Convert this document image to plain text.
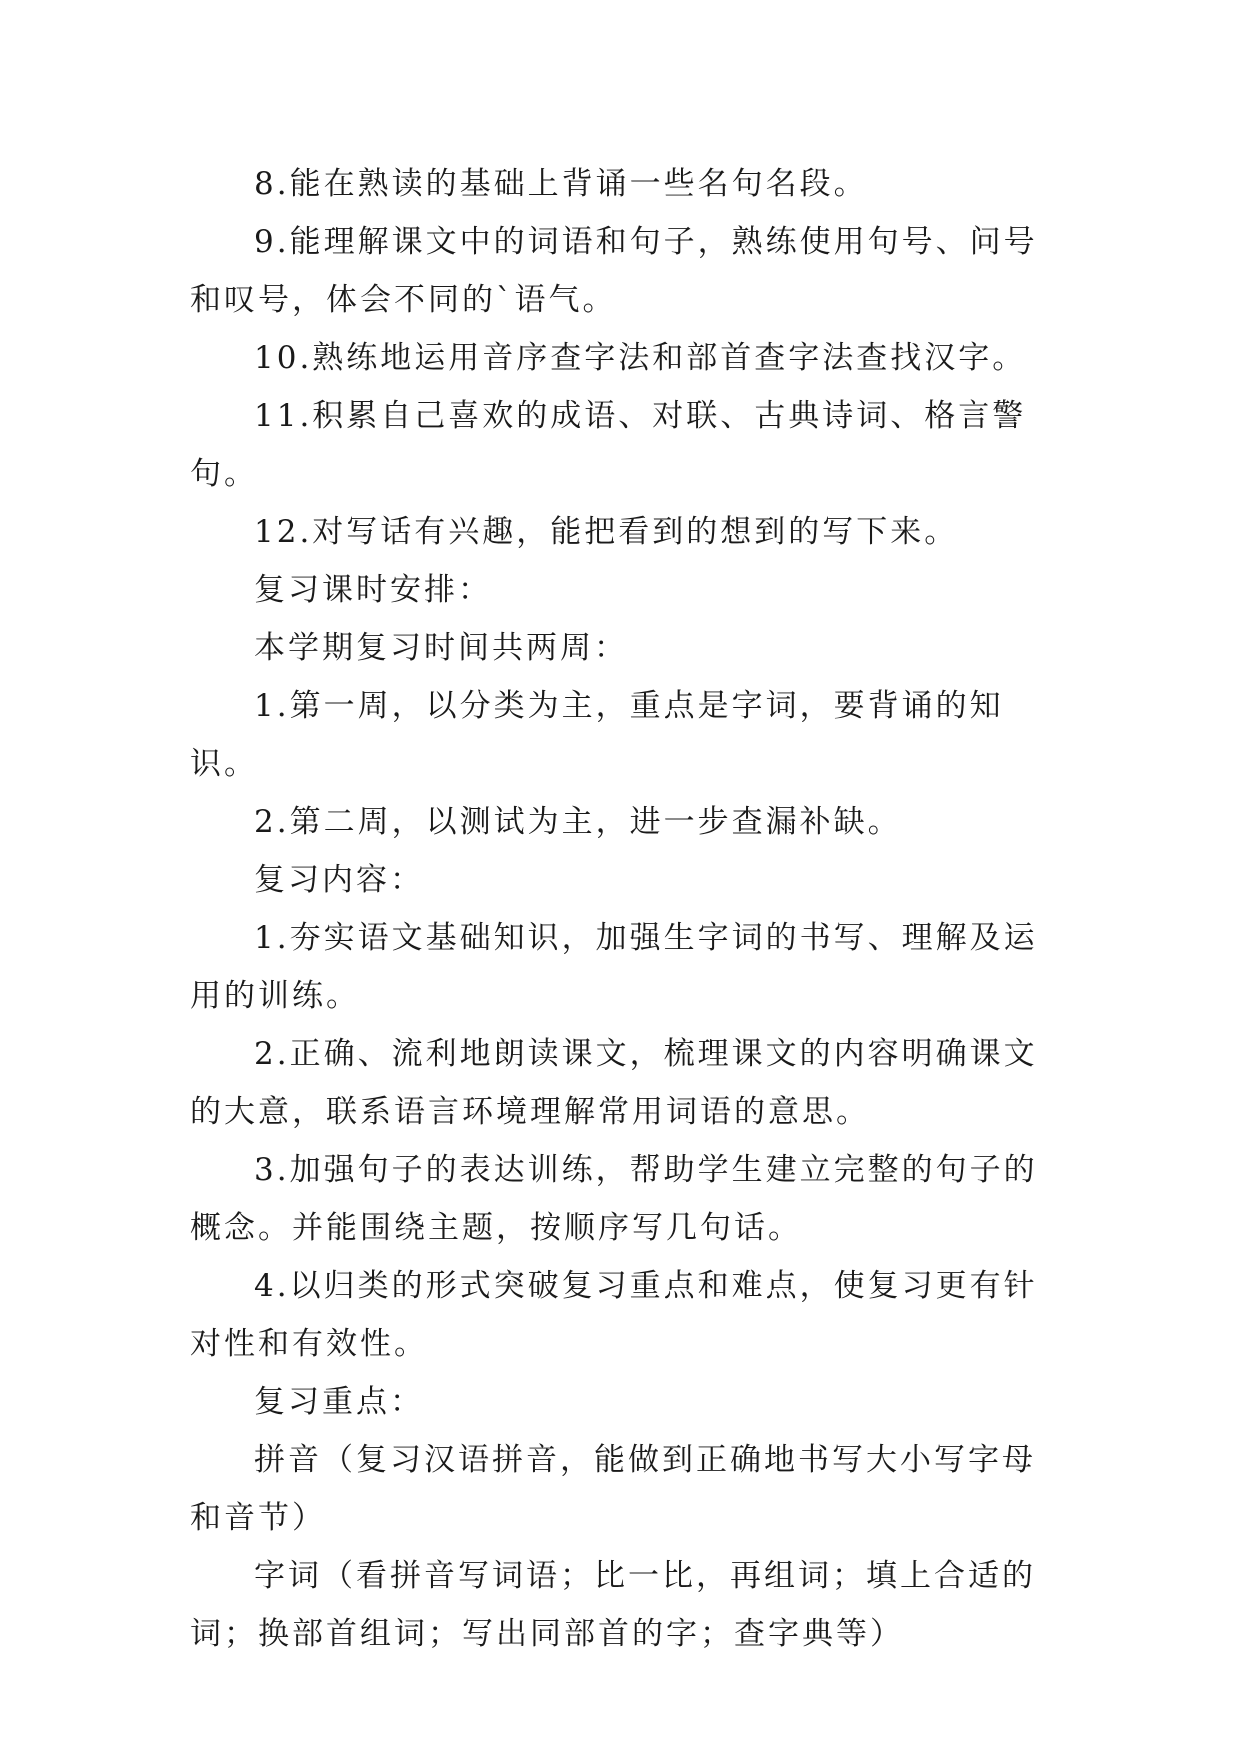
8.能在熟读的基础上背诵一些名句名段。

9.能理解课文中的词语和句子，熟练使用句号、问号和叹号，体会不同的`语气。

10.熟练地运用音序查字法和部首查字法查找汉字。

11.积累自己喜欢的成语、对联、古典诗词、格言警句。

12.对写话有兴趣，能把看到的想到的写下来。

复习课时安排：

本学期复习时间共两周：

1.第一周，以分类为主，重点是字词，要背诵的知识。

2.第二周，以测试为主，进一步查漏补缺。

复习内容：

1.夯实语文基础知识，加强生字词的书写、理解及运用的训练。

2.正确、流利地朗读课文，梳理课文的内容明确课文的大意，联系语言环境理解常用词语的意思。

3.加强句子的表达训练，帮助学生建立完整的句子的概念。并能围绕主题，按顺序写几句话。

4.以归类的形式突破复习重点和难点，使复习更有针对性和有效性。

复习重点：

拼音（复习汉语拼音，能做到正确地书写大小写字母和音节）

字词（看拼音写词语；比一比，再组词；填上合适的词；换部首组词；写出同部首的字；查字典等）
